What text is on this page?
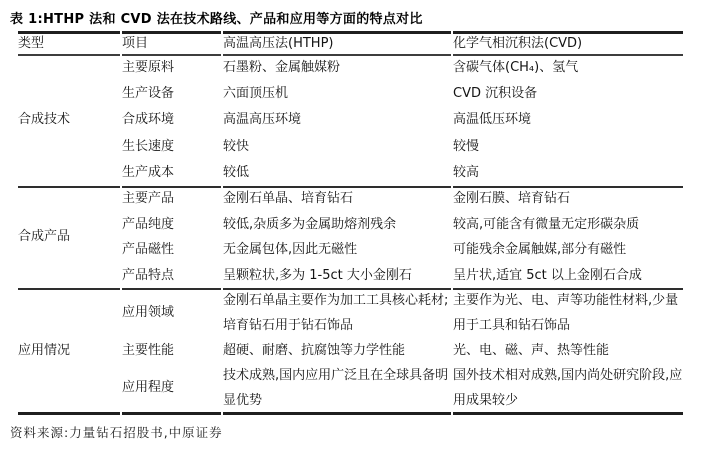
表 1:HTHP 法和 CVD 法在技术路线、产品和应用等方面的特点对比
类型	项目	高温高压法(HTHP)	化学气相沉积法(CVD)
合成技术	主要原料	石墨粉、金属触媒粉	含碳气体(CH₄)、氢气
	生产设备	六面顶压机	CVD 沉积设备
	合成环境	高温高压环境	高温低压环境
	生长速度	较快	较慢
	生产成本	较低	较高
合成产品	主要产品	金刚石单晶、培育钻石	金刚石膜、培育钻石
	产品纯度	较低,杂质多为金属助熔剂残余	较高,可能含有微量无定形碳杂质
	产品磁性	无金属包体,因此无磁性	可能残余金属触媒,部分有磁性
	产品特点	呈颗粒状,多为 1-5ct 大小金刚石	呈片状,适宜 5ct 以上金刚石合成
应用情况	应用领域	金刚石单晶主要作为加工工具核心耗材;培育钻石用于钻石饰品	主要作为光、电、声等功能性材料,少量用于工具和钻石饰品
	主要性能	超硬、耐磨、抗腐蚀等力学性能	光、电、磁、声、热等性能
	应用程度	技术成熟,国内应用广泛且在全球具备明显优势	国外技术相对成熟,国内尚处研究阶段,应用成果较少
资料来源:力量钻石招股书,中原证券
